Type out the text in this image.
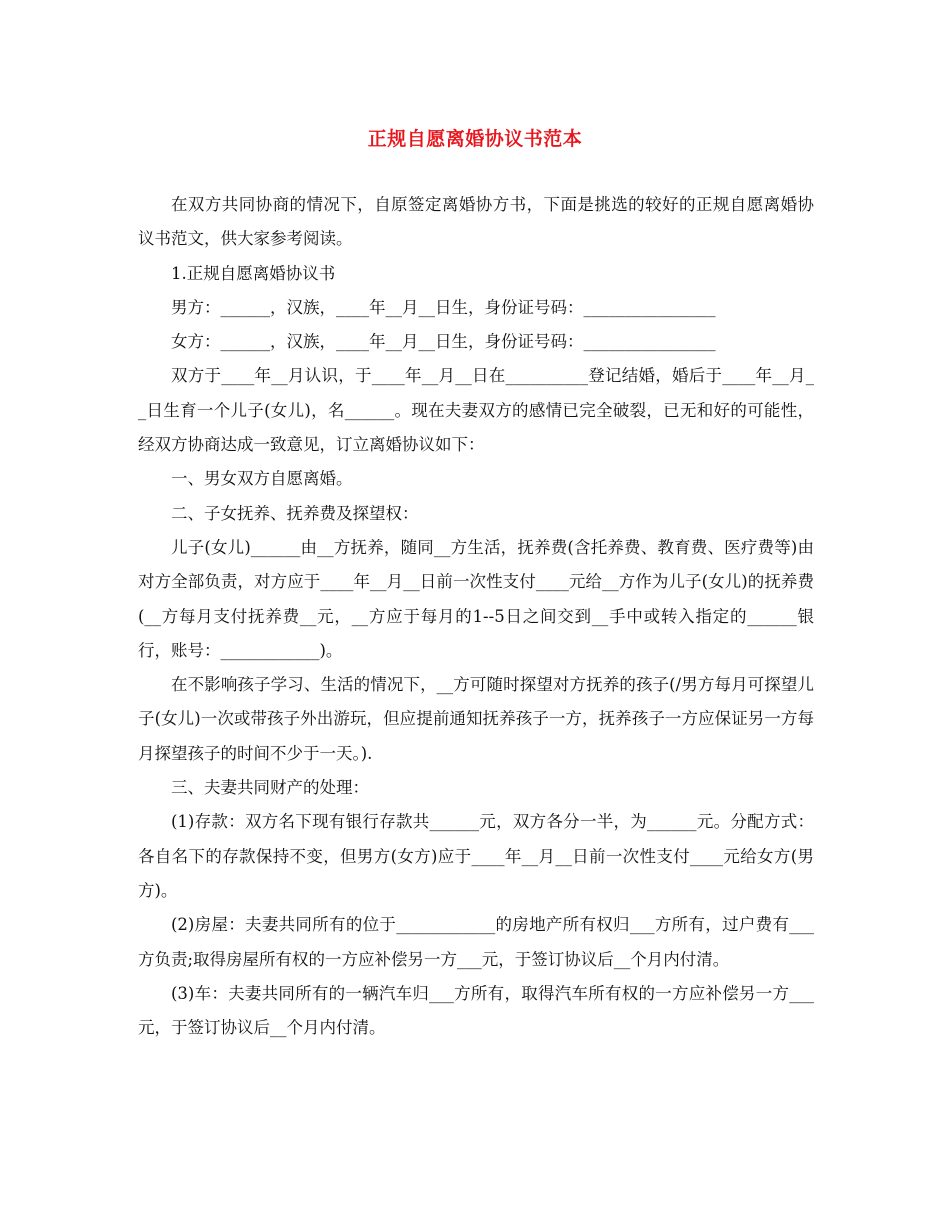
正规自愿离婚协议书范本

在双方共同协商的情况下，自原签定离婚协方书，下面是挑选的较好的正规自愿离婚协议书范文，供大家参考阅读。

1.正规自愿离婚协议书

男方：______，汉族，____年__月__日生，身份证号码：________________

女方：______，汉族，____年__月__日生，身份证号码：________________

双方于____年__月认识，于____年__月__日在__________登记结婚，婚后于____年__月__日生育一个儿子(女儿)，名______。现在夫妻双方的感情已完全破裂，已无和好的可能性，经双方协商达成一致意见，订立离婚协议如下：

一、男女双方自愿离婚。

二、子女抚养、抚养费及探望权：

儿子(女儿)______由__方抚养，随同__方生活，抚养费(含托养费、教育费、医疗费等)由对方全部负责，对方应于____年__月__日前一次性支付____元给__方作为儿子(女儿)的抚养费(__方每月支付抚养费__元，__方应于每月的1--5日之间交到__手中或转入指定的______银行，账号：____________)。

在不影响孩子学习、生活的情况下，__方可随时探望对方抚养的孩子(/男方每月可探望儿子(女儿)一次或带孩子外出游玩，但应提前通知抚养孩子一方，抚养孩子一方应保证另一方每月探望孩子的时间不少于一天。).

三、夫妻共同财产的处理：

(1)存款：双方名下现有银行存款共______元，双方各分一半，为______元。分配方式：各自名下的存款保持不变，但男方(女方)应于____年__月__日前一次性支付____元给女方(男方)。

(2)房屋：夫妻共同所有的位于____________的房地产所有权归___方所有，过户费有___方负责;取得房屋所有权的一方应补偿另一方___元，于签订协议后__个月内付清。

(3)车：夫妻共同所有的一辆汽车归___方所有，取得汽车所有权的一方应补偿另一方___元，于签订协议后__个月内付清。
